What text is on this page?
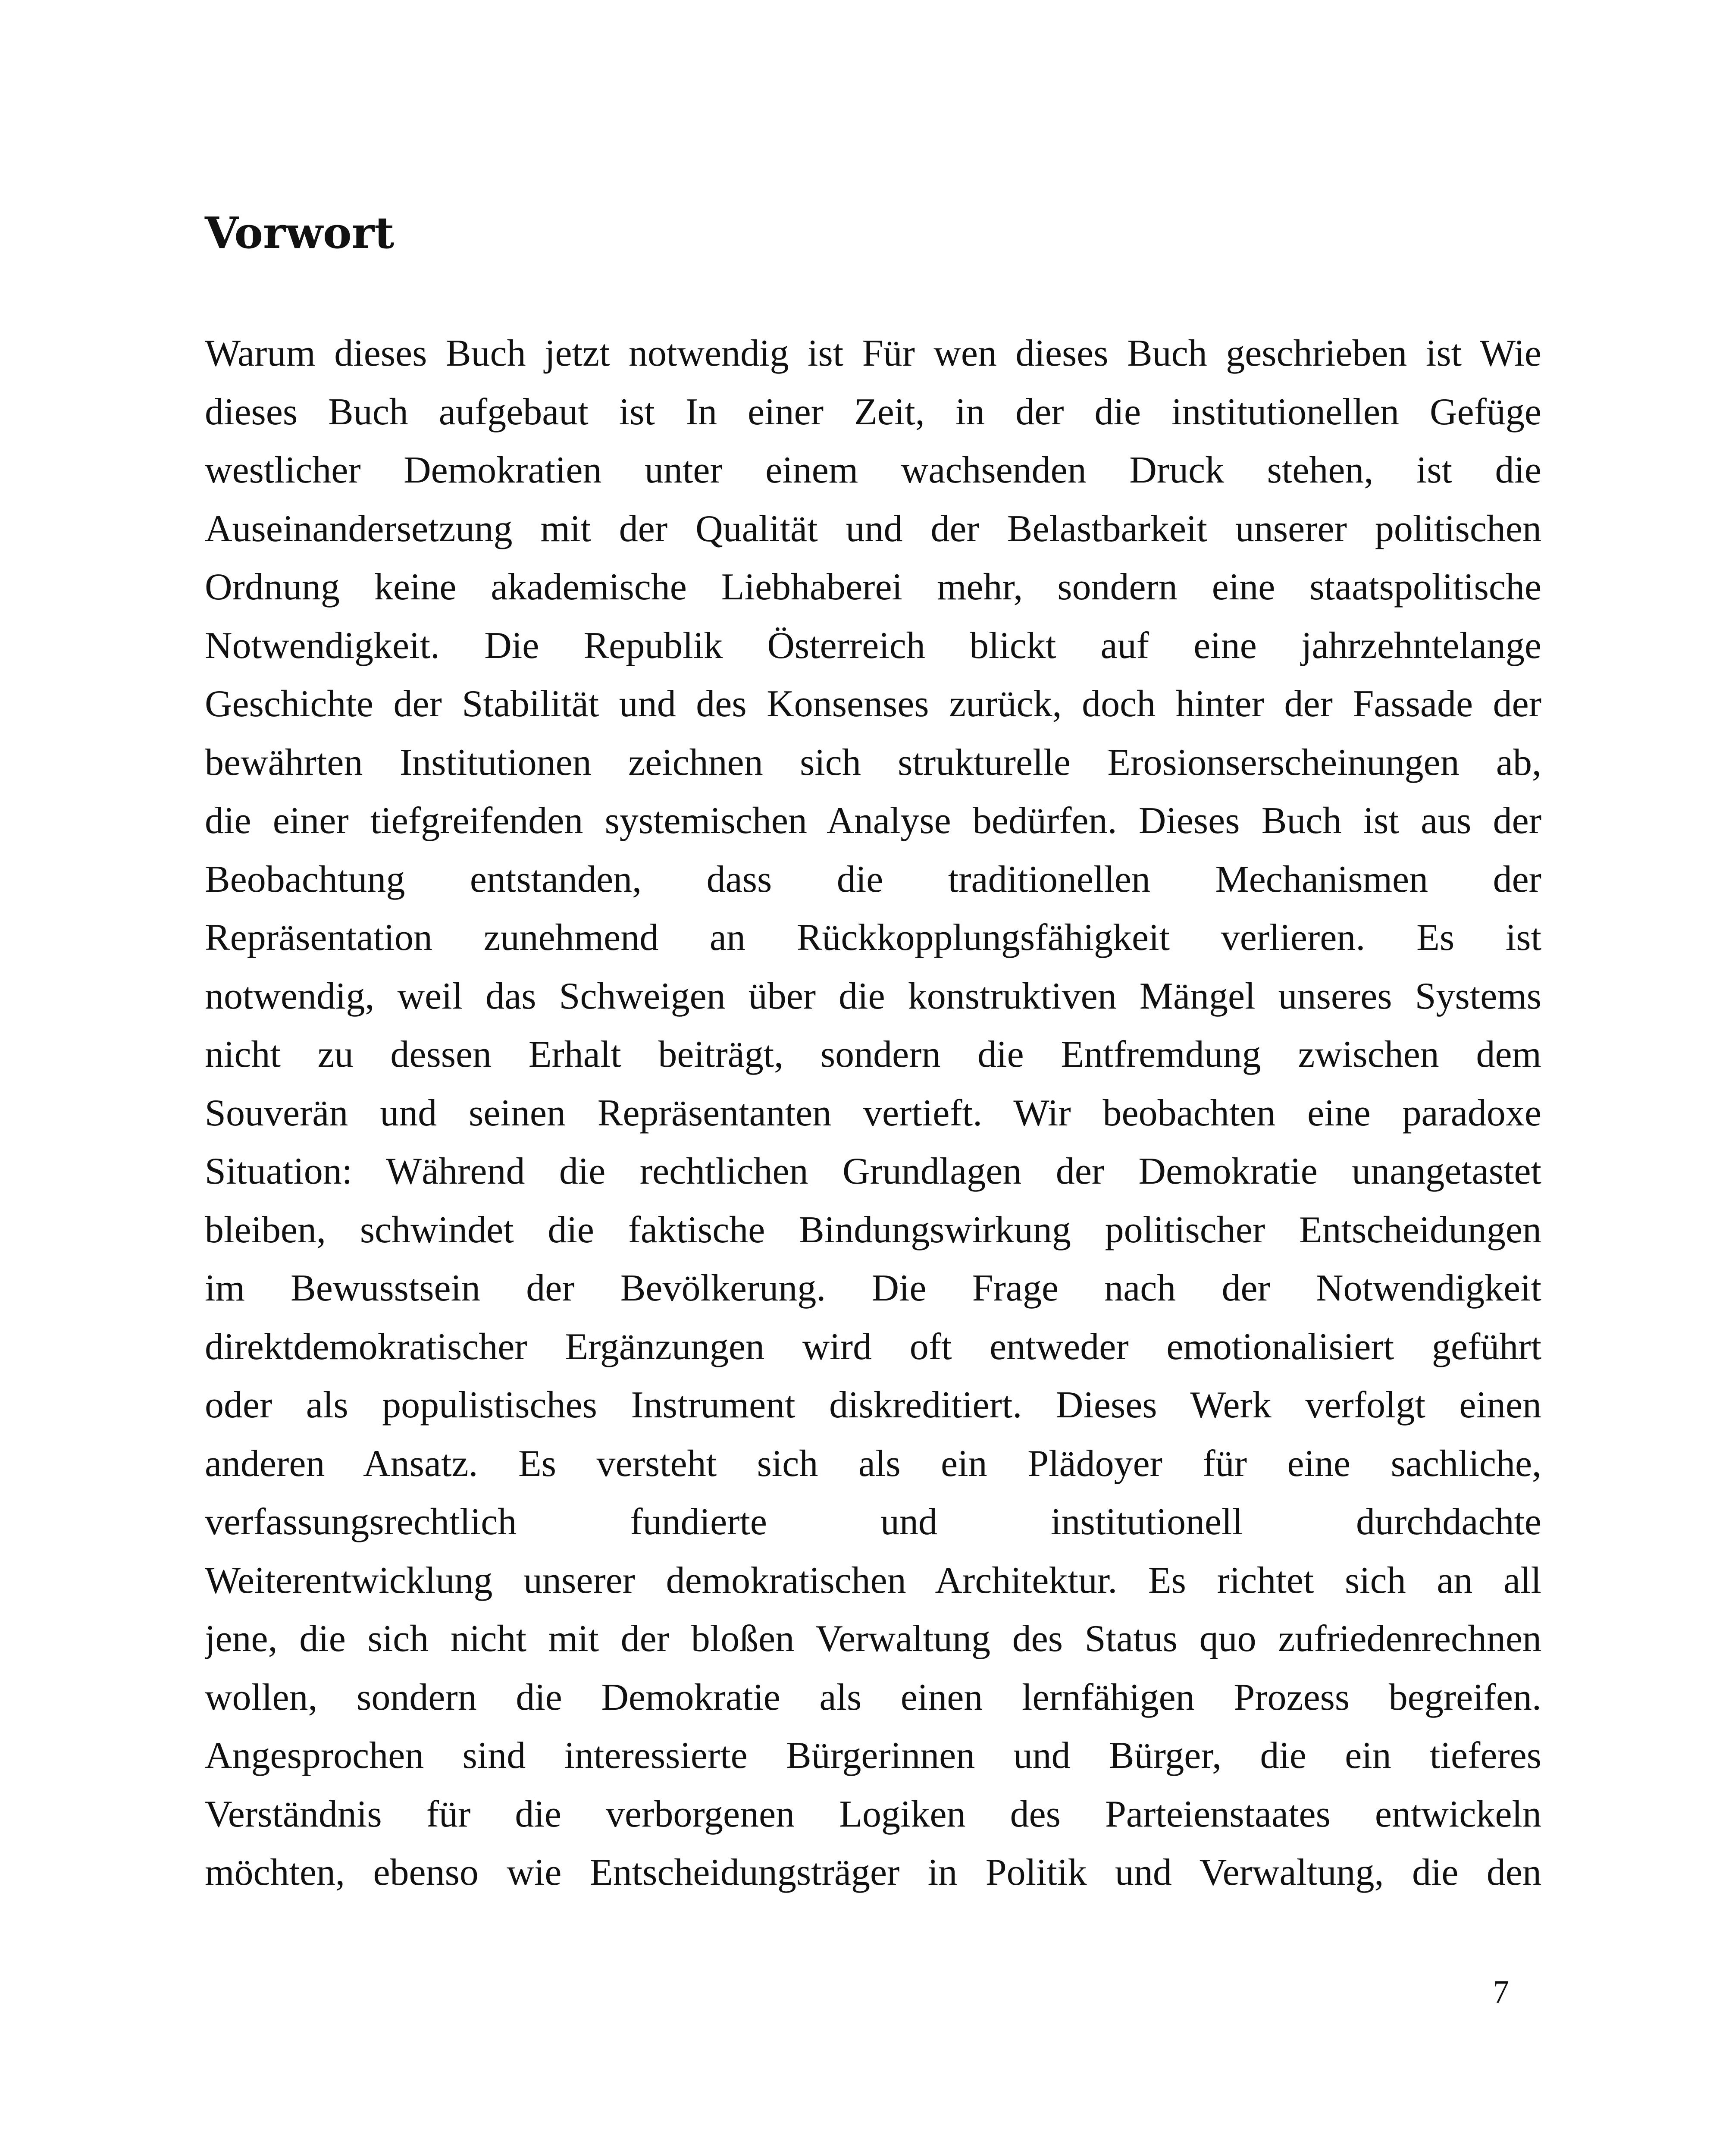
Vorwort
Warum dieses Buch jetzt notwendig ist Für wen dieses Buch geschrieben ist Wie
dieses Buch aufgebaut ist In einer Zeit, in der die institutionellen Gefüge
westlicher Demokratien unter einem wachsenden Druck stehen, ist die
Auseinandersetzung mit der Qualität und der Belastbarkeit unserer politischen
Ordnung keine akademische Liebhaberei mehr, sondern eine staatspolitische
Notwendigkeit. Die Republik Österreich blickt auf eine jahrzehntelange
Geschichte der Stabilität und des Konsenses zurück, doch hinter der Fassade der
bewährten Institutionen zeichnen sich strukturelle Erosionserscheinungen ab,
die einer tiefgreifenden systemischen Analyse bedürfen. Dieses Buch ist aus der
Beobachtung entstanden, dass die traditionellen Mechanismen der
Repräsentation zunehmend an Rückkopplungsfähigkeit verlieren. Es ist
notwendig, weil das Schweigen über die konstruktiven Mängel unseres Systems
nicht zu dessen Erhalt beiträgt, sondern die Entfremdung zwischen dem
Souverän und seinen Repräsentanten vertieft. Wir beobachten eine paradoxe
Situation: Während die rechtlichen Grundlagen der Demokratie unangetastet
bleiben, schwindet die faktische Bindungswirkung politischer Entscheidungen
im Bewusstsein der Bevölkerung. Die Frage nach der Notwendigkeit
direktdemokratischer Ergänzungen wird oft entweder emotionalisiert geführt
oder als populistisches Instrument diskreditiert. Dieses Werk verfolgt einen
anderen Ansatz. Es versteht sich als ein Plädoyer für eine sachliche,
verfassungsrechtlich fundierte und institutionell durchdachte
Weiterentwicklung unserer demokratischen Architektur. Es richtet sich an all
jene, die sich nicht mit der bloßen Verwaltung des Status quo zufriedenrechnen
wollen, sondern die Demokratie als einen lernfähigen Prozess begreifen.
Angesprochen sind interessierte Bürgerinnen und Bürger, die ein tieferes
Verständnis für die verborgenen Logiken des Parteienstaates entwickeln
möchten, ebenso wie Entscheidungsträger in Politik und Verwaltung, die den
7
